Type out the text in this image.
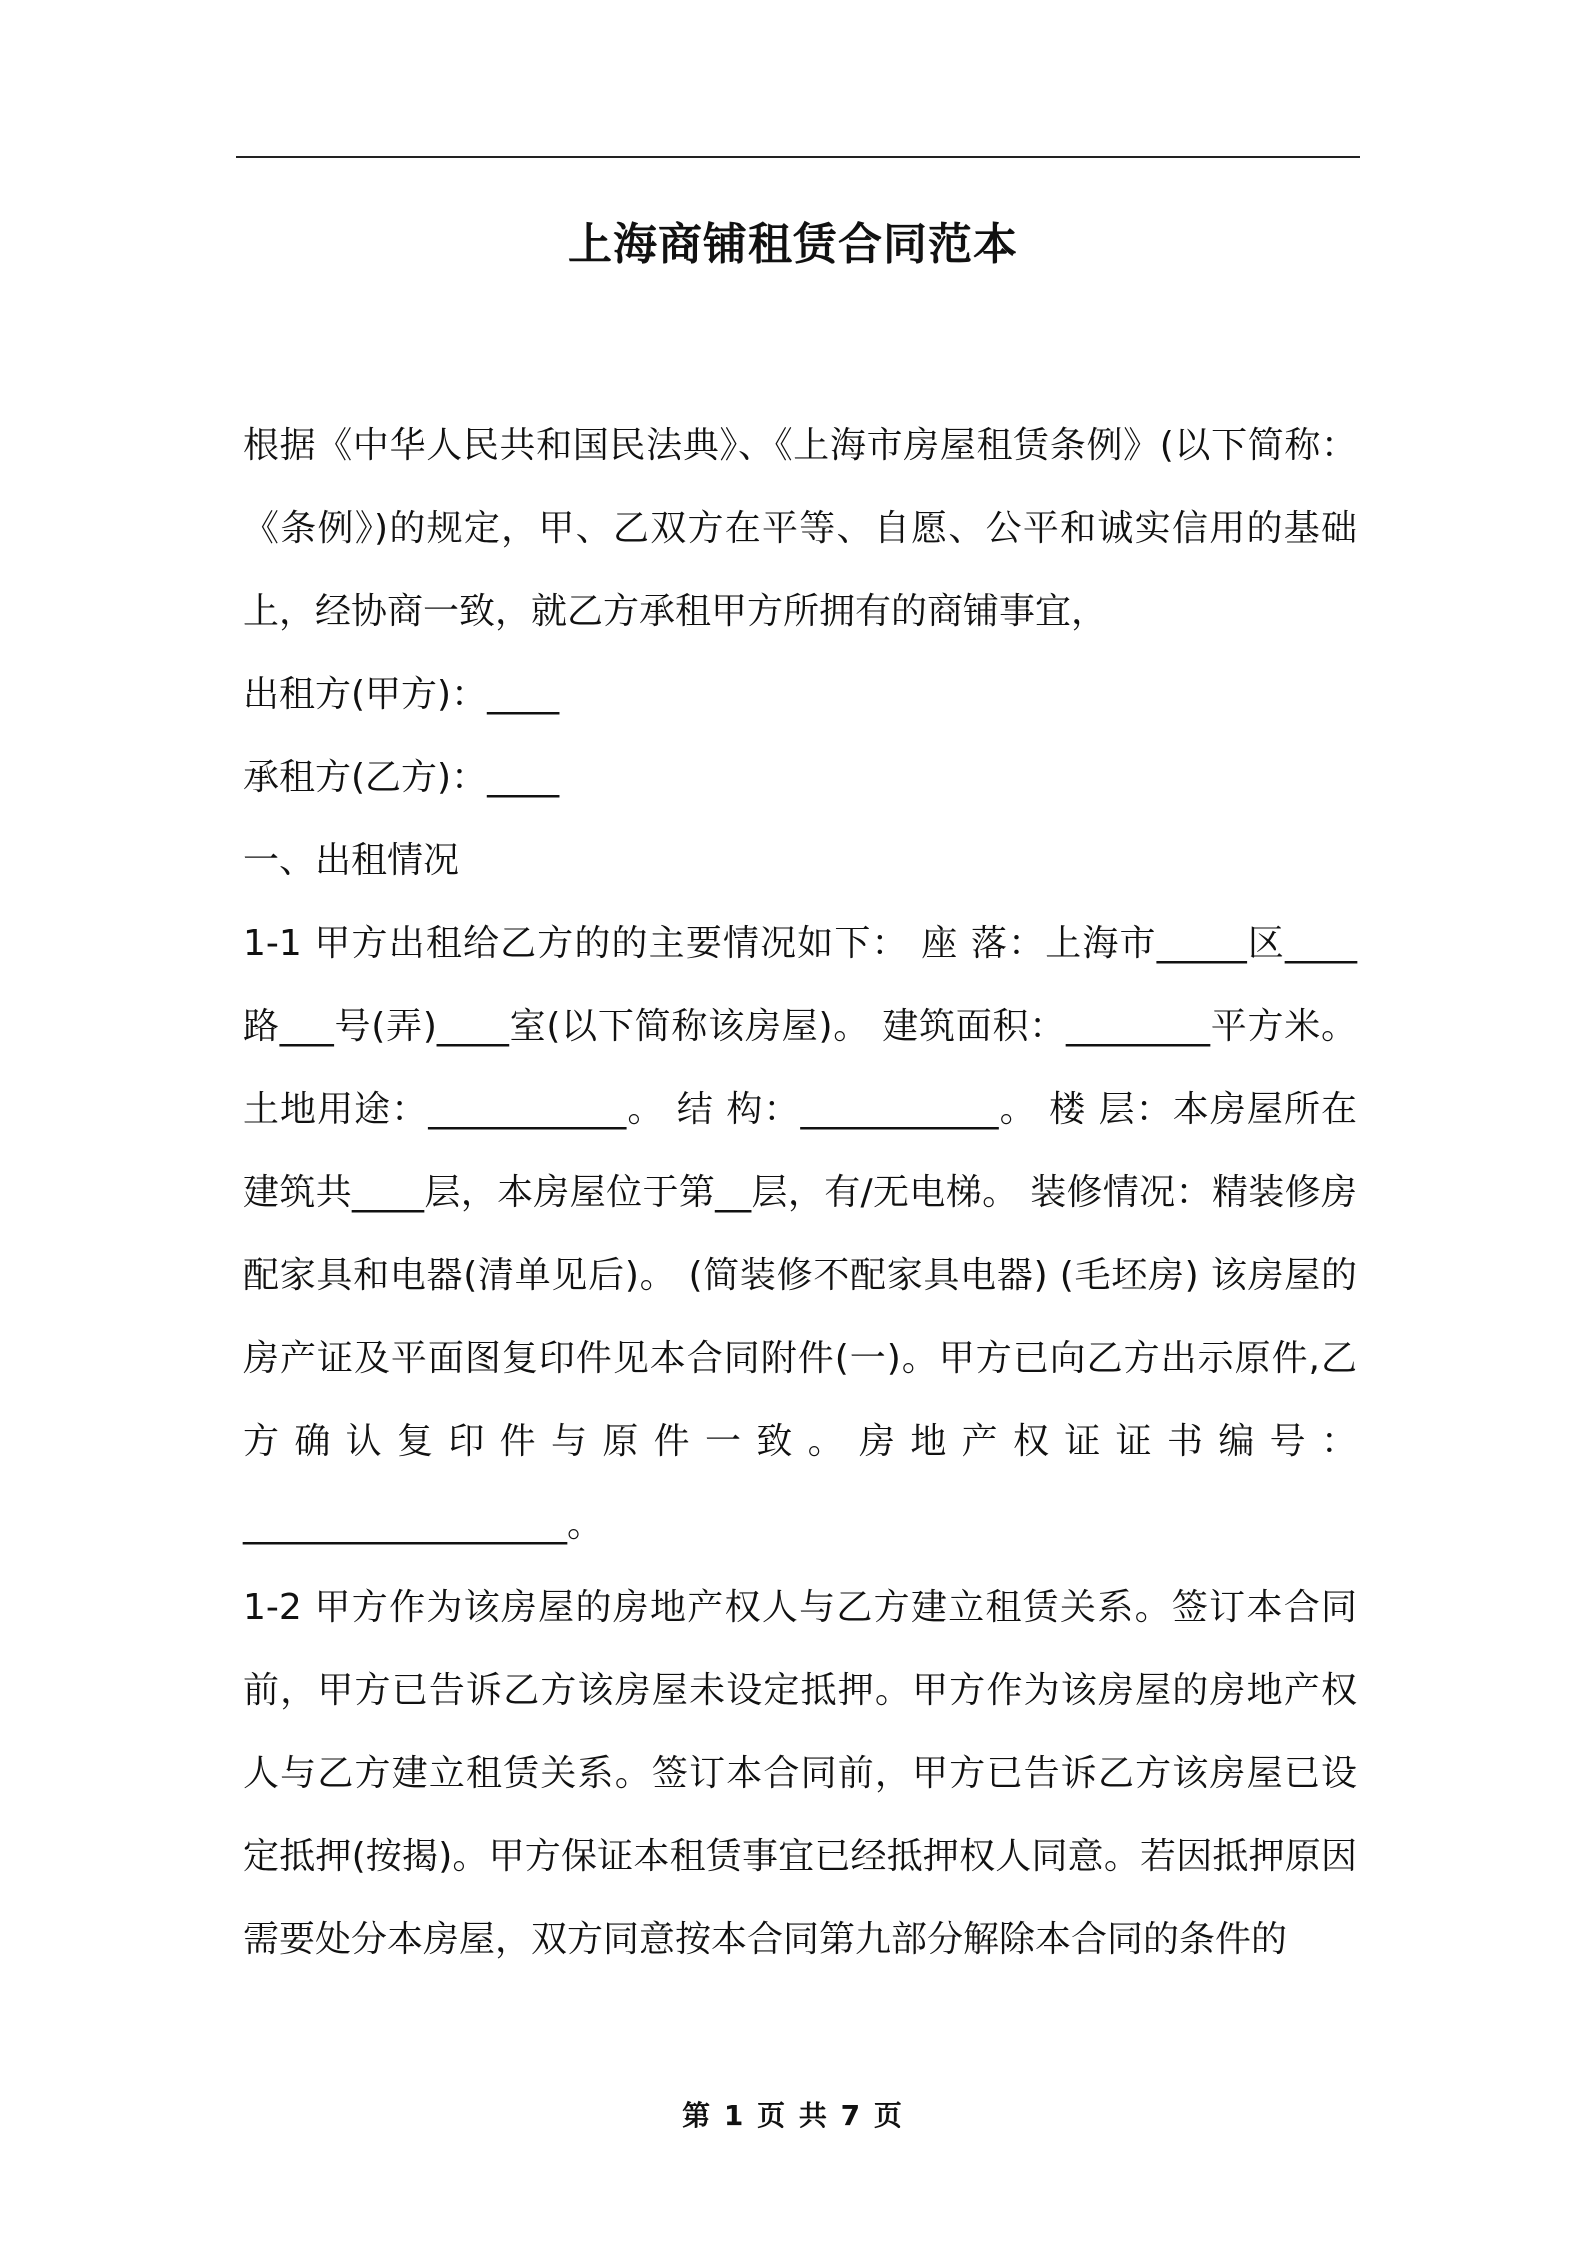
上海商铺租赁合同范本

根据《中华人民共和国民法典》、《上海市房屋租赁条例》(以下简称：《条例》)的规定，甲、乙双方在平等、自愿、公平和诚实信用的基础上，经协商一致，就乙方承租甲方所拥有的商铺事宜，

出租方(甲方)：____

承租方(乙方)：____

一、出租情况

1-1 甲方出租给乙方的的主要情况如下： 座 落：上海市_____区____路___号(弄)____室(以下简称该房屋)。 建筑面积：________平方米。 土地用途：___________。 结 构：___________。 楼 层：本房屋所在建筑共____层，本房屋位于第__层，有/无电梯。 装修情况：精装修房配家具和电器(清单见后)。 (简装修不配家具电器) (毛坯房) 该房屋的房产证及平面图复印件见本合同附件(一)。甲方已向乙方出示原件,乙方确认复印件与原件一致。房地产权证证书编号：__________________。

1-2 甲方作为该房屋的房地产权人与乙方建立租赁关系。签订本合同前，甲方已告诉乙方该房屋未设定抵押。甲方作为该房屋的房地产权人与乙方建立租赁关系。签订本合同前，甲方已告诉乙方该房屋已设定抵押(按揭)。甲方保证本租赁事宜已经抵押权人同意。若因抵押原因需要处分本房屋，双方同意按本合同第九部分解除本合同的条件的

第 1 页 共 7 页
